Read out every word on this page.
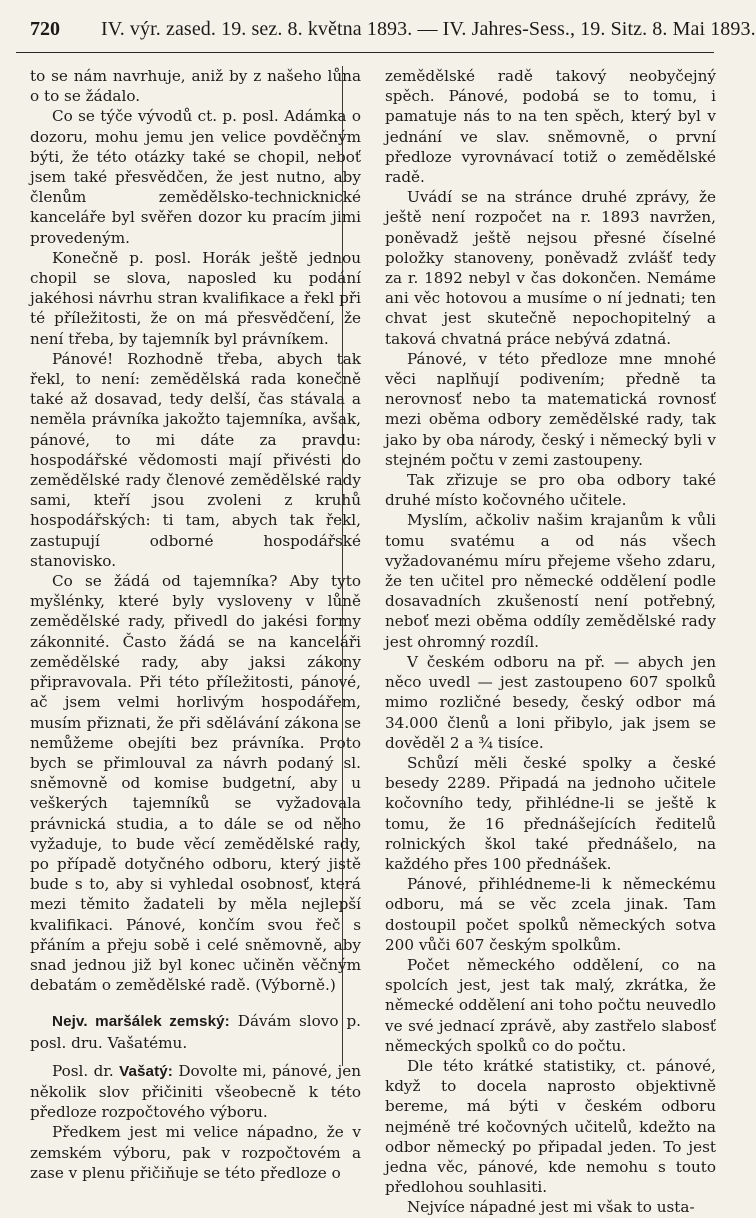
720 IV. výr. zased. 19. sez. 8. května 1893. — IV. Jahres-Sess., 19. Sitz. 8. Mai 1893.

to se nám navrhuje, aniž by z našeho lůna o to se žádalo.

Co se týče vývodů ct. p. posl. Adámka o dozoru, mohu jemu jen velice povděčným býti, že této otázky také se chopil, neboť jsem také přesvědčen, že jest nutno, aby členům zemědělsko-technicknické kanceláře byl svěřen dozor ku pracím jimi provedeným.

Konečně p. posl. Horák ještě jednou chopil se slova, naposled ku podání jakéhosi návrhu stran kvalifikace a řekl při té příležitosti, že on má přesvědčení, že není třeba, by tajemník byl právníkem.

Pánové! Rozhodně třeba, abych tak řekl, to není: zemědělská rada konečně také až dosavad, tedy delší, čas stávala a neměla právníka jakožto tajemníka, avšak, pánové, to mi dáte za pravdu: hospodářské vědomosti mají přivésti do zemědělské rady členové zemědělské rady sami, kteří jsou zvoleni z kruhů hospodářských: ti tam, abych tak řekl, zastupují odborné hospodářské stanovisko.

Co se žádá od tajemníka? Aby tyto myšlénky, které byly vysloveny v lůně zemědělské rady, přivedl do jakési formy zákonnité. Často žádá se na kanceláři zemědělské rady, aby jaksi zákony připravovala. Při této příležitosti, pánové, ač jsem velmi horlivým hospodářem, musím přiznati, že při sdělávání zákona se nemůžeme obejíti bez právníka. Proto bych se přimlouval za návrh podaný sl. sněmovně od komise budgetní, aby u veškerých tajemníků se vyžadovala právnická studia, a to dále se od něho vyžaduje, to bude věcí zemědělské rady, po případě dotyčného odboru, který jistě bude s to, aby si vyhledal osobnosť, která mezi těmito žadateli by měla nejlepší kvalifikaci. Pánové, končím svou řeč s přáním a přeju sobě i celé sněmovně, aby snad jednou již byl konec učiněn věčným debatám o zemědělské radě. (Výborně.)

Nejv. maršálek zemský: Dávám slovo p. posl. dru. Vašatému.

Posl. dr. Vašatý: Dovolte mi, pánové, jen několik slov přičiniti všeobecně k této předloze rozpočtového výboru.

Předkem jest mi velice nápadno, že v zemském výboru, pak v rozpočtovém a zase v plenu přičiňuje se této předloze o

zemědělské radě takový neobyčejný spěch. Pánové, podobá se to tomu, i pamatuje nás to na ten spěch, který byl v jednání ve slav. sněmovně, o první předloze vyrovnávací totiž o zemědělské radě.

Uvádí se na stránce druhé zprávy, že ještě není rozpočet na r. 1893 navržen, poněvadž ještě nejsou přesné číselné položky stanoveny, poněvadž zvlášť tedy za r. 1892 nebyl v čas dokončen. Nemáme ani věc hotovou a musíme o ní jednati; ten chvat jest skutečně nepochopitelný a taková chvatná práce nebývá zdatná.

Pánové, v této předloze mne mnohé věci naplňují podivením; předně ta nerovnosť nebo ta matematická rovnosť mezi oběma odbory zemědělské rady, tak jako by oba národy, český i německý byli v stejném počtu v zemi zastoupeny.

Tak zřizuje se pro oba odbory také druhé místo kočovného učitele.

Myslím, ačkoliv našim krajanům k vůli tomu svatému a od nás všech vyžadovanému míru přejeme všeho zdaru, že ten učitel pro německé oddělení podle dosavadních zkušeností není potřebný, neboť mezi oběma oddíly zemědělské rady jest ohromný rozdíl.

V českém odboru na př. — abych jen něco uvedl — jest zastoupeno 607 spolků mimo rozličné besedy, český odbor má 34.000 členů a loni přibylo, jak jsem se dověděl 2 a ¾ tisíce.

Schůzí měli české spolky a české besedy 2289. Připadá na jednoho učitele kočovního tedy, přihlédne-li se ještě k tomu, že 16 přednášejících ředitelů rolnických škol také přednášelo, na každého přes 100 přednášek.

Pánové, přihlédneme-li k německému odboru, má se věc zcela jinak. Tam dostoupil počet spolků německých sotva 200 vůči 607 českým spolkům.

Počet německého oddělení, co na spolcích jest, jest tak malý, zkrátka, že německé oddělení ani toho počtu neuvedlo ve své jednací zprávě, aby zastřelo slabosť německých spolků co do počtu.

Dle této krátké statistiky, ct. pánové, když to docela naprosto objektivně bereme, má býti v českém odboru nejméně tré kočovných učitelů, kdežto na odbor německý po připadal jeden. To jest jedna věc, pánové, kde nemohu s touto předlohou souhlasiti.

Nejvíce nápadné jest mi však to usta-
